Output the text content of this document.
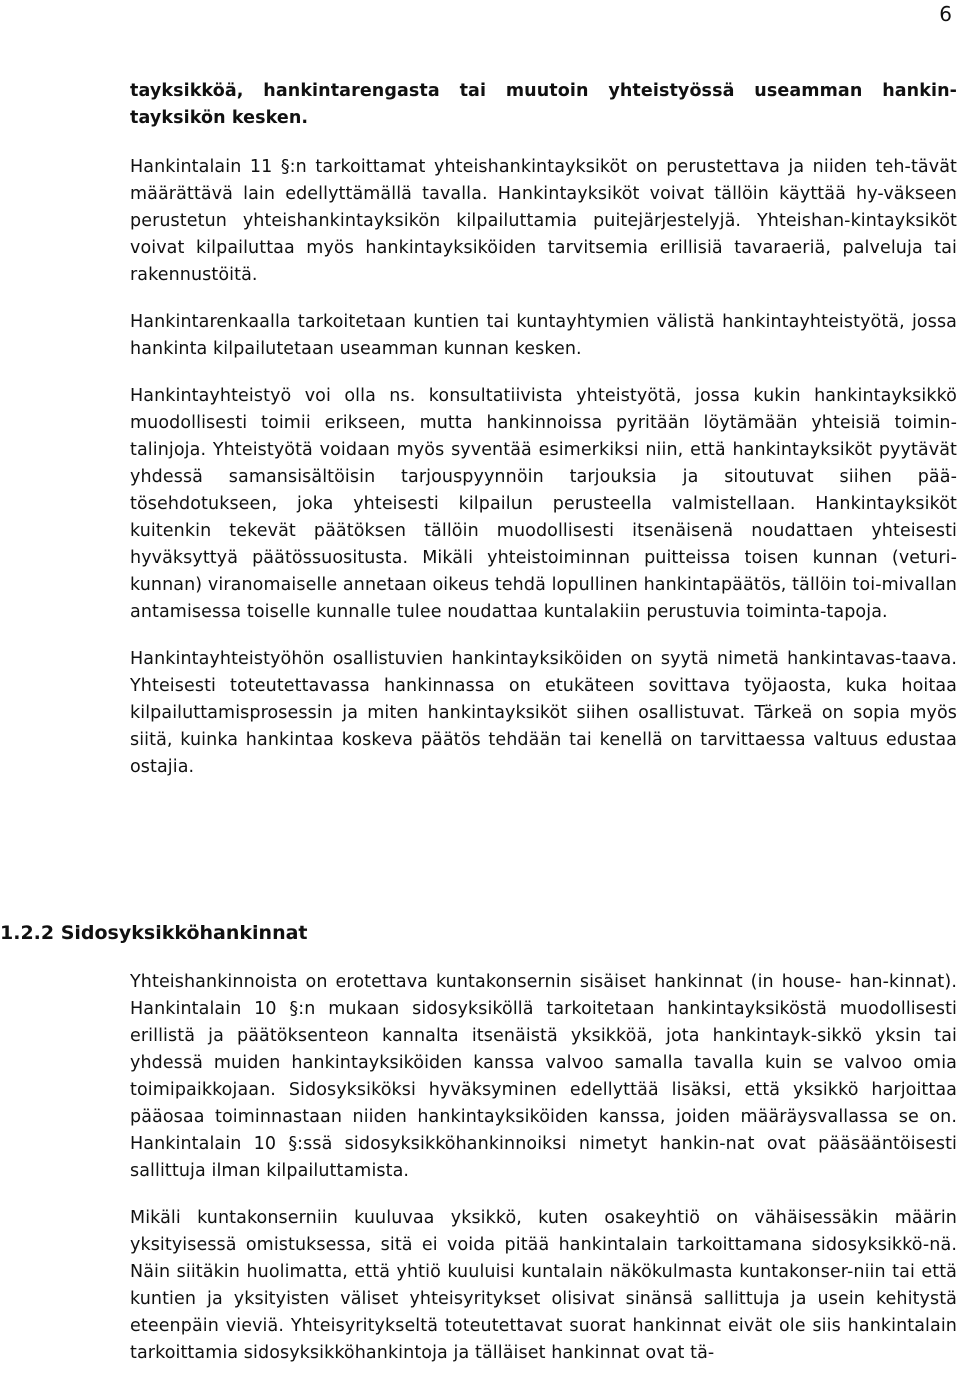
6

tayksikköä, hankintarengasta tai muutoin yhteistyössä useamman hankin-tayksikön kesken.

Hankintalain 11 §:n tarkoittamat yhteishankintayksiköt on perustettava ja niiden teh-tävät määrättävä lain edellyttämällä tavalla. Hankintayksiköt voivat tällöin käyttää hy-väkseen perustetun yhteishankintayksikön kilpailuttamia puitejärjestelyjä. Yhteishan-kintayksiköt voivat kilpailuttaa myös hankintayksiköiden tarvitsemia erillisiä tavaraeriä, palveluja tai rakennustöitä.

Hankintarenkaalla tarkoitetaan kuntien tai kuntayhtymien välistä hankintayhteistyötä, jossa hankinta kilpailutetaan useamman kunnan kesken.

Hankintayhteistyö voi olla ns. konsultatiivista yhteistyötä, jossa kukin hankintayksikkö muodollisesti toimii erikseen, mutta hankinnoissa pyritään löytämään yhteisiä toimin-talinjoja. Yhteistyötä voidaan myös syventää esimerkiksi niin, että hankintayksiköt pyytävät yhdessä samansisältöisin tarjouspyynnöin tarjouksia ja sitoutuvat siihen pää-tösehdotukseen, joka yhteisesti kilpailun perusteella valmistellaan. Hankintayksiköt kuitenkin tekevät päätöksen tällöin muodollisesti itsenäisenä noudattaen yhteisesti hyväksyttyä päätössuositusta. Mikäli yhteistoiminnan puitteissa toisen kunnan (veturi-kunnan) viranomaiselle annetaan oikeus tehdä lopullinen hankintapäätös, tällöin toi-mivallan antamisessa toiselle kunnalle tulee noudattaa kuntalakiin perustuvia toiminta-tapoja.

Hankintayhteistyöhön osallistuvien hankintayksiköiden on syytä nimetä hankintavas-taava. Yhteisesti toteutettavassa hankinnassa on etukäteen sovittava työjaosta, kuka hoitaa kilpailuttamisprosessin ja miten hankintayksiköt siihen osallistuvat. Tärkeä on sopia myös siitä, kuinka hankintaa koskeva päätös tehdään tai kenellä on tarvittaessa valtuus edustaa ostajia.

1.2.2 Sidosyksikköhankinnat

Yhteishankinnoista on erotettava kuntakonsernin sisäiset hankinnat (in house- han-kinnat). Hankintalain 10 §:n mukaan sidosyksiköllä tarkoitetaan hankintayksiköstä muodollisesti erillistä ja päätöksenteon kannalta itsenäistä yksikköä, jota hankintayk-sikkö yksin tai yhdessä muiden hankintayksiköiden kanssa valvoo samalla tavalla kuin se valvoo omia toimipaikkojaan. Sidosyksiköksi hyväksyminen edellyttää lisäksi, että yksikkö harjoittaa pääosaa toiminnastaan niiden hankintayksiköiden kanssa, joiden määräysvallassa se on. Hankintalain 10 §:ssä sidosyksikköhankinnoiksi nimetyt hankin-nat ovat pääsääntöisesti sallittuja ilman kilpailuttamista.

Mikäli kuntakonserniin kuuluvaa yksikkö, kuten osakeyhtiö on vähäisessäkin määrin yksityisessä omistuksessa, sitä ei voida pitää hankintalain tarkoittamana sidosyksikkö-nä. Näin siitäkin huolimatta, että yhtiö kuuluisi kuntalain näkökulmasta kuntakonser-niin tai että kuntien ja yksityisten väliset yhteisyritykset olisivat sinänsä sallittuja ja usein kehitystä eteenpäin vieviä. Yhteisyritykseltä toteutettavat suorat hankinnat eivät ole siis hankintalain tarkoittamia sidosyksikköhankintoja ja tälläiset hankinnat ovat tä-
